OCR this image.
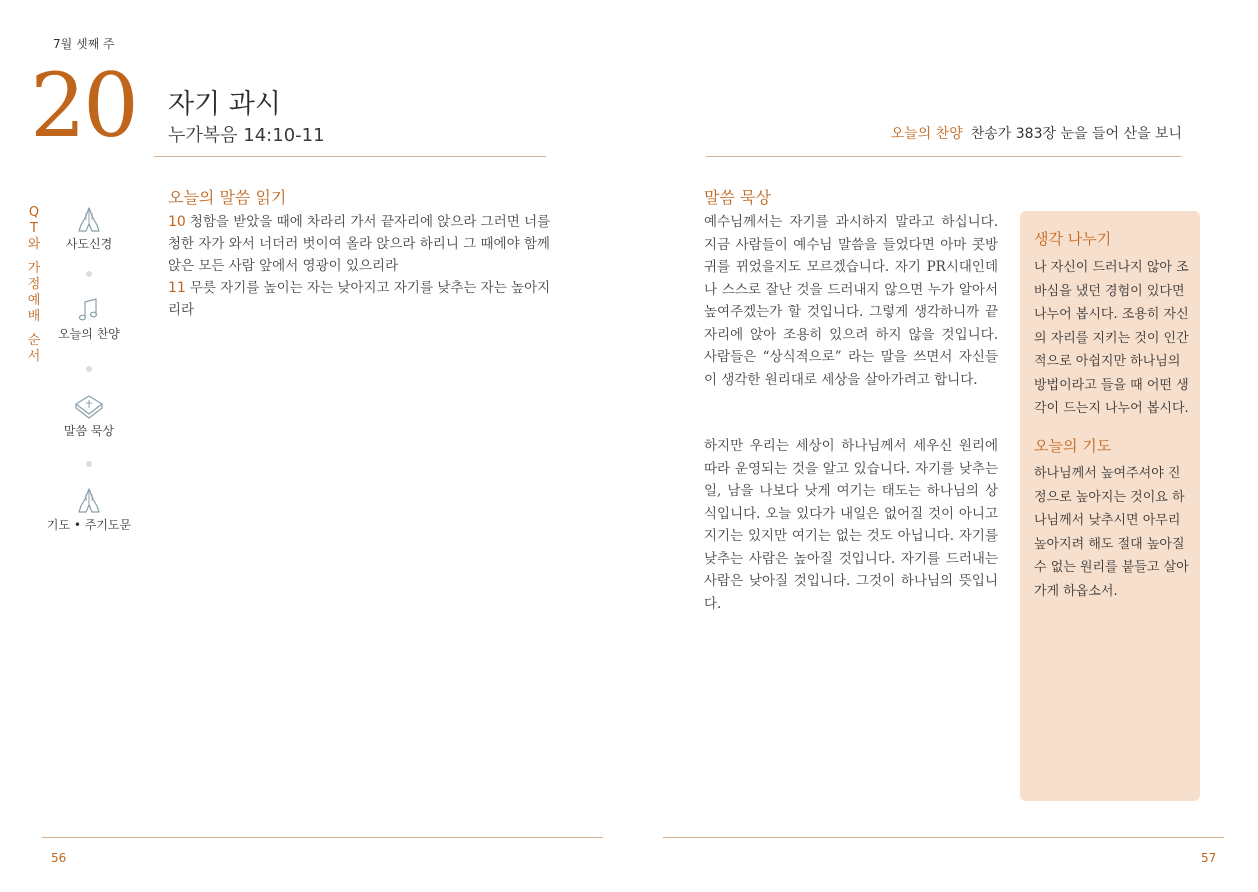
7월 셋째 주
20 자기 과시
누가복음 14:10-11	오늘의 찬양 찬송가 383장 눈을 들어 산을 보니
Q
T
와
가
정
예
배
순
서
사도신경
오늘의 찬양
말씀 묵상
기도 • 주기도문
오늘의 말씀 읽기
10 청함을 받았을 때에 차라리 가서 끝자리에 앉으라 그러면 너를 청한 자가 와서 너더러 벗이여 올라 앉으라 하리니 그 때에야 함께 앉은 모든 사람 앞에서 영광이 있으리라
11 무릇 자기를 높이는 자는 낮아지고 자기를 낮추는 자는 높아지리라
말씀 묵상
예수님께서는 자기를 과시하지 말라고 하십니다. 지금 사람들이 예수님 말씀을 들었다면 아마 콧방귀를 뀌었을지도 모르겠습니다. 자기 PR시대인데 나 스스로 잘난 것을 드러내지 않으면 누가 알아서 높여주겠는가 할 것입니다. 그렇게 생각하니까 끝자리에 앉아 조용히 있으려 하지 않을 것입니다. 사람들은 “상식적으로” 라는 말을 쓰면서 자신들이 생각한 원리대로 세상을 살아가려고 합니다.
하지만 우리는 세상이 하나님께서 세우신 원리에 따라 운영되는 것을 알고 있습니다. 자기를 낮추는 일, 남을 나보다 낫게 여기는 태도는 하나님의 상식입니다. 오늘 있다가 내일은 없어질 것이 아니고 지기는 있지만 여기는 없는 것도 아닙니다. 자기를 낮추는 사람은 높아질 것입니다. 자기를 드러내는 사람은 낮아질 것입니다. 그것이 하나님의 뜻입니다.
생각 나누기
나 자신이 드러나지 않아 조바심을 냈던 경험이 있다면 나누어 봅시다. 조용히 자신의 자리를 지키는 것이 인간적으로 아쉽지만 하나님의 방법이라고 들을 때 어떤 생각이 드는지 나누어 봅시다.
오늘의 기도
하나님께서 높여주셔야 진정으로 높아지는 것이요 하나님께서 낮추시면 아무리 높아지려 해도 절대 높아질 수 없는 원리를 붙들고 살아가게 하옵소서.
56	57
